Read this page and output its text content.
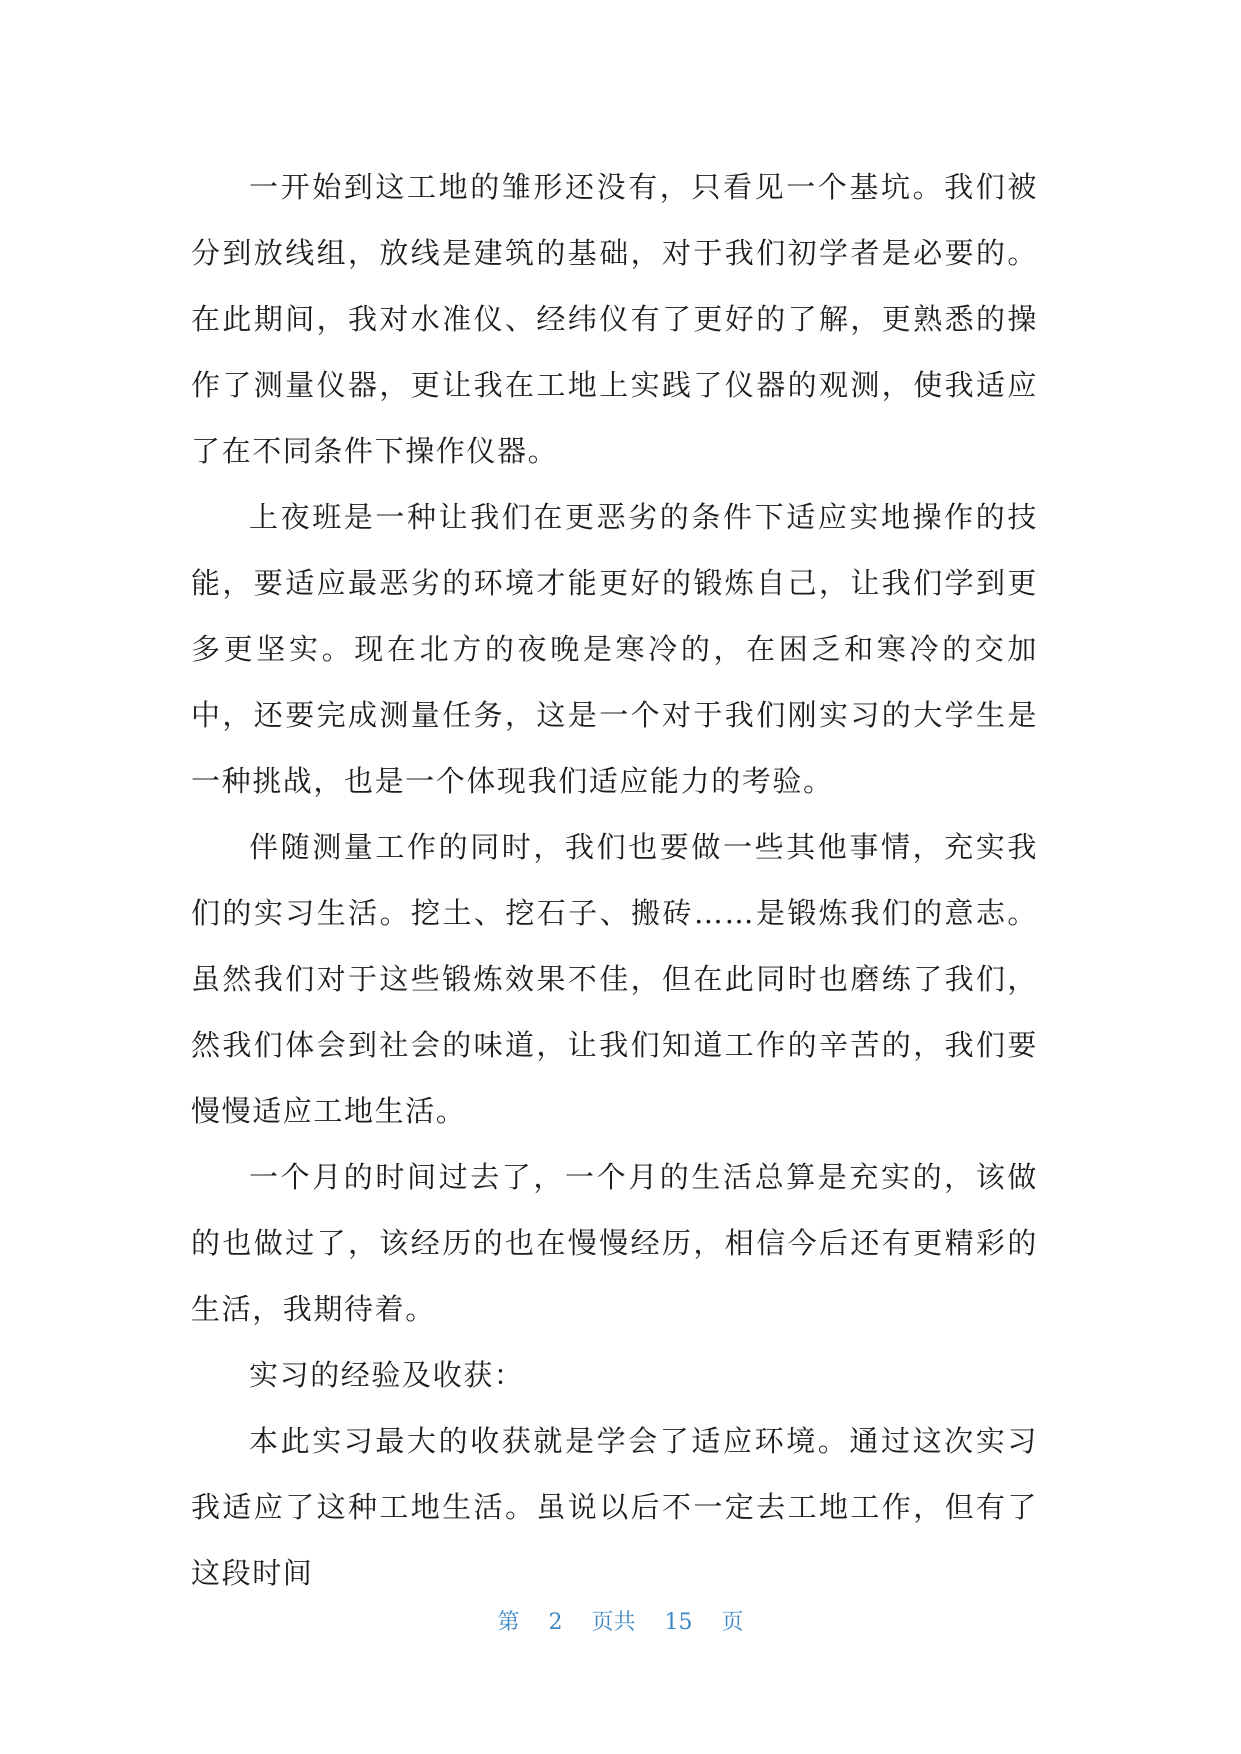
一开始到这工地的雏形还没有，只看见一个基坑。我们被分到放线组，放线是建筑的基础，对于我们初学者是必要的。在此期间，我对水准仪、经纬仪有了更好的了解，更熟悉的操作了测量仪器，更让我在工地上实践了仪器的观测，使我适应了在不同条件下操作仪器。

上夜班是一种让我们在更恶劣的条件下适应实地操作的技能，要适应最恶劣的环境才能更好的锻炼自己，让我们学到更多更坚实。现在北方的夜晚是寒冷的，在困乏和寒冷的交加中，还要完成测量任务，这是一个对于我们刚实习的大学生是一种挑战，也是一个体现我们适应能力的考验。

伴随测量工作的同时，我们也要做一些其他事情，充实我们的实习生活。挖土、挖石子、搬砖……是锻炼我们的意志。虽然我们对于这些锻炼效果不佳，但在此同时也磨练了我们，然我们体会到社会的味道，让我们知道工作的辛苦的，我们要慢慢适应工地生活。

一个月的时间过去了，一个月的生活总算是充实的，该做的也做过了，该经历的也在慢慢经历，相信今后还有更精彩的生活，我期待着。

实习的经验及收获：

本此实习最大的收获就是学会了适应环境。通过这次实习我适应了这种工地生活。虽说以后不一定去工地工作，但有了这段时间

第 2 页共 15 页
